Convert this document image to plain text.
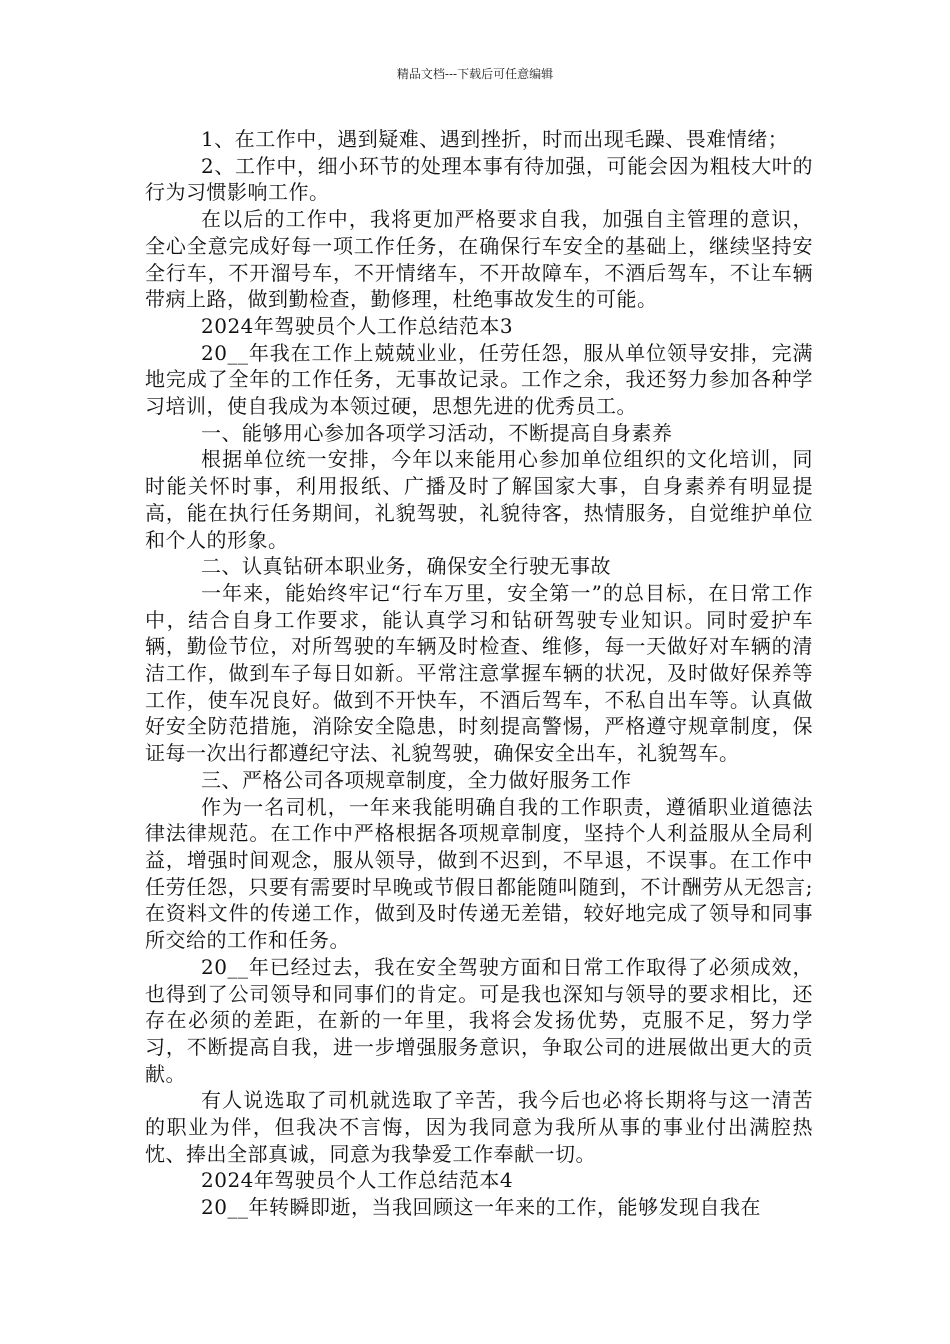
精品文档---下载后可任意编辑

1、在工作中，遇到疑难、遇到挫折，时而出现毛躁、畏难情绪；

2、工作中，细小环节的处理本事有待加强，可能会因为粗枝大叶的行为习惯影响工作。

在以后的工作中，我将更加严格要求自我，加强自主管理的意识，全心全意完成好每一项工作任务，在确保行车安全的基础上，继续坚持安全行车，不开溜号车，不开情绪车，不开故障车，不酒后驾车，不让车辆带病上路，做到勤检查，勤修理，杜绝事故发生的可能。

2024年驾驶员个人工作总结范本3

20__年我在工作上兢兢业业，任劳任怨，服从单位领导安排，完满地完成了全年的工作任务，无事故记录。工作之余，我还努力参加各种学习培训，使自我成为本领过硬，思想先进的优秀员工。

一、能够用心参加各项学习活动，不断提高自身素养

根据单位统一安排，今年以来能用心参加单位组织的文化培训，同时能关怀时事，利用报纸、广播及时了解国家大事，自身素养有明显提高，能在执行任务期间，礼貌驾驶，礼貌待客，热情服务，自觉维护单位和个人的形象。

二、认真钻研本职业务，确保安全行驶无事故

一年来，能始终牢记“行车万里，安全第一”的总目标，在日常工作中，结合自身工作要求，能认真学习和钻研驾驶专业知识。同时爱护车辆，勤俭节位，对所驾驶的车辆及时检查、维修，每一天做好对车辆的清洁工作，做到车子每日如新。平常注意掌握车辆的状况，及时做好保养等工作，使车况良好。做到不开快车，不酒后驾车，不私自出车等。认真做好安全防范措施，消除安全隐患，时刻提高警惕，严格遵守规章制度，保证每一次出行都遵纪守法、礼貌驾驶，确保安全出车，礼貌驾车。

三、严格公司各项规章制度，全力做好服务工作

作为一名司机，一年来我能明确自我的工作职责，遵循职业道德法律法律规范。在工作中严格根据各项规章制度，坚持个人利益服从全局利益，增强时间观念，服从领导，做到不迟到，不早退，不误事。在工作中任劳任怨，只要有需要时早晚或节假日都能随叫随到，不计酬劳从无怨言;在资料文件的传递工作，做到及时传递无差错，较好地完成了领导和同事所交给的工作和任务。

20__年已经过去，我在安全驾驶方面和日常工作取得了必须成效，也得到了公司领导和同事们的肯定。可是我也深知与领导的要求相比，还存在必须的差距，在新的一年里，我将会发扬优势，克服不足，努力学习，不断提高自我，进一步增强服务意识，争取公司的进展做出更大的贡献。

有人说选取了司机就选取了辛苦，我今后也必将长期将与这一清苦的职业为伴，但我决不言悔，因为我同意为我所从事的事业付出满腔热忱、捧出全部真诚，同意为我挚爱工作奉献一切。

2024年驾驶员个人工作总结范本4

20__年转瞬即逝，当我回顾这一年来的工作，能够发现自我在
